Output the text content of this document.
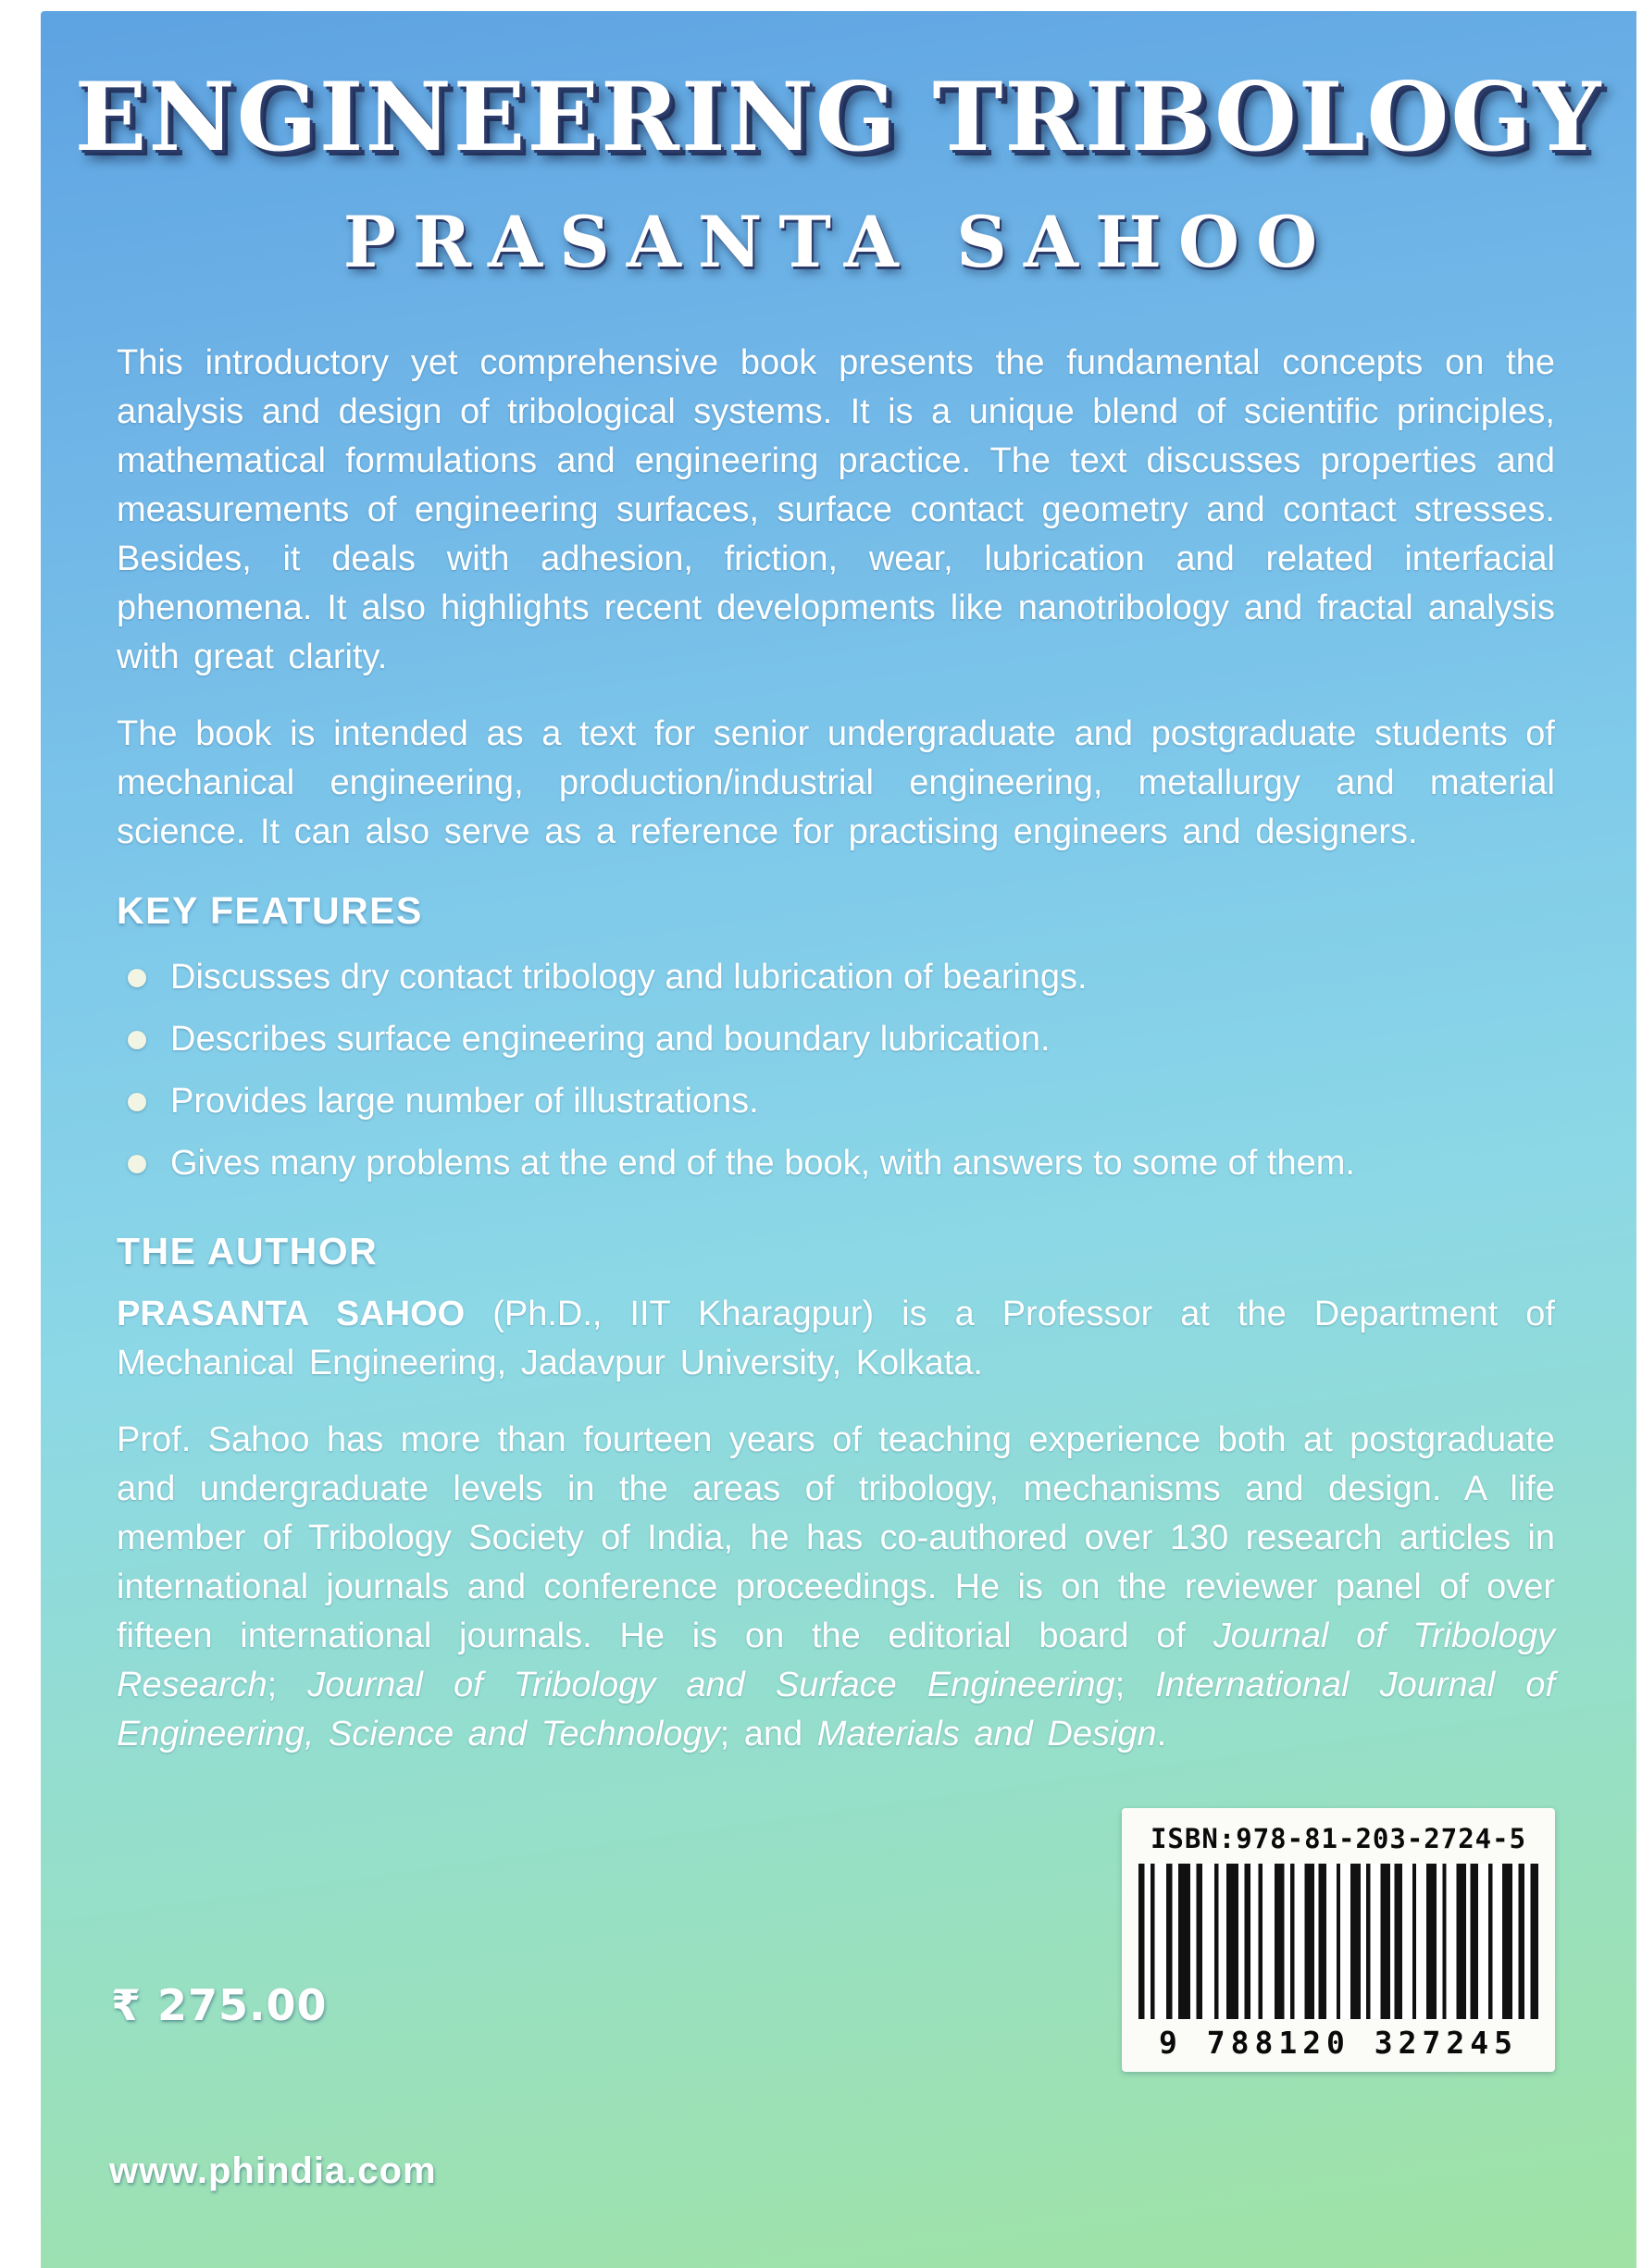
ENGINEERING TRIBOLOGY
PRASANTA SAHOO

This introductory yet comprehensive book presents the fundamental concepts on the analysis and design of tribological systems. It is a unique blend of scientific principles, mathematical formulations and engineering practice. The text discusses properties and measurements of engineering surfaces, surface contact geometry and contact stresses. Besides, it deals with adhesion, friction, wear, lubrication and related interfacial phenomena. It also highlights recent developments like nanotribology and fractal analysis with great clarity.

The book is intended as a text for senior undergraduate and postgraduate students of mechanical engineering, production/industrial engineering, metallurgy and material science. It can also serve as a reference for practising engineers and designers.

KEY FEATURES
Discusses dry contact tribology and lubrication of bearings.
Describes surface engineering and boundary lubrication.
Provides large number of illustrations.
Gives many problems at the end of the book, with answers to some of them.
THE AUTHOR

PRASANTA SAHOO (Ph.D., IIT Kharagpur) is a Professor at the Department of Mechanical Engineering, Jadavpur University, Kolkata.

Prof. Sahoo has more than fourteen years of teaching experience both at postgraduate and undergraduate levels in the areas of tribology, mechanisms and design. A life member of Tribology Society of India, he has co-authored over 130 research articles in international journals and conference proceedings. He is on the reviewer panel of over fifteen international journals. He is on the editorial board of Journal of Tribology Research; Journal of Tribology and Surface Engineering; International Journal of Engineering, Science and Technology; and Materials and Design.

₹ 275.00
www.phindia.com
ISBN:978-81-203-2724-5
9 788120 327245
